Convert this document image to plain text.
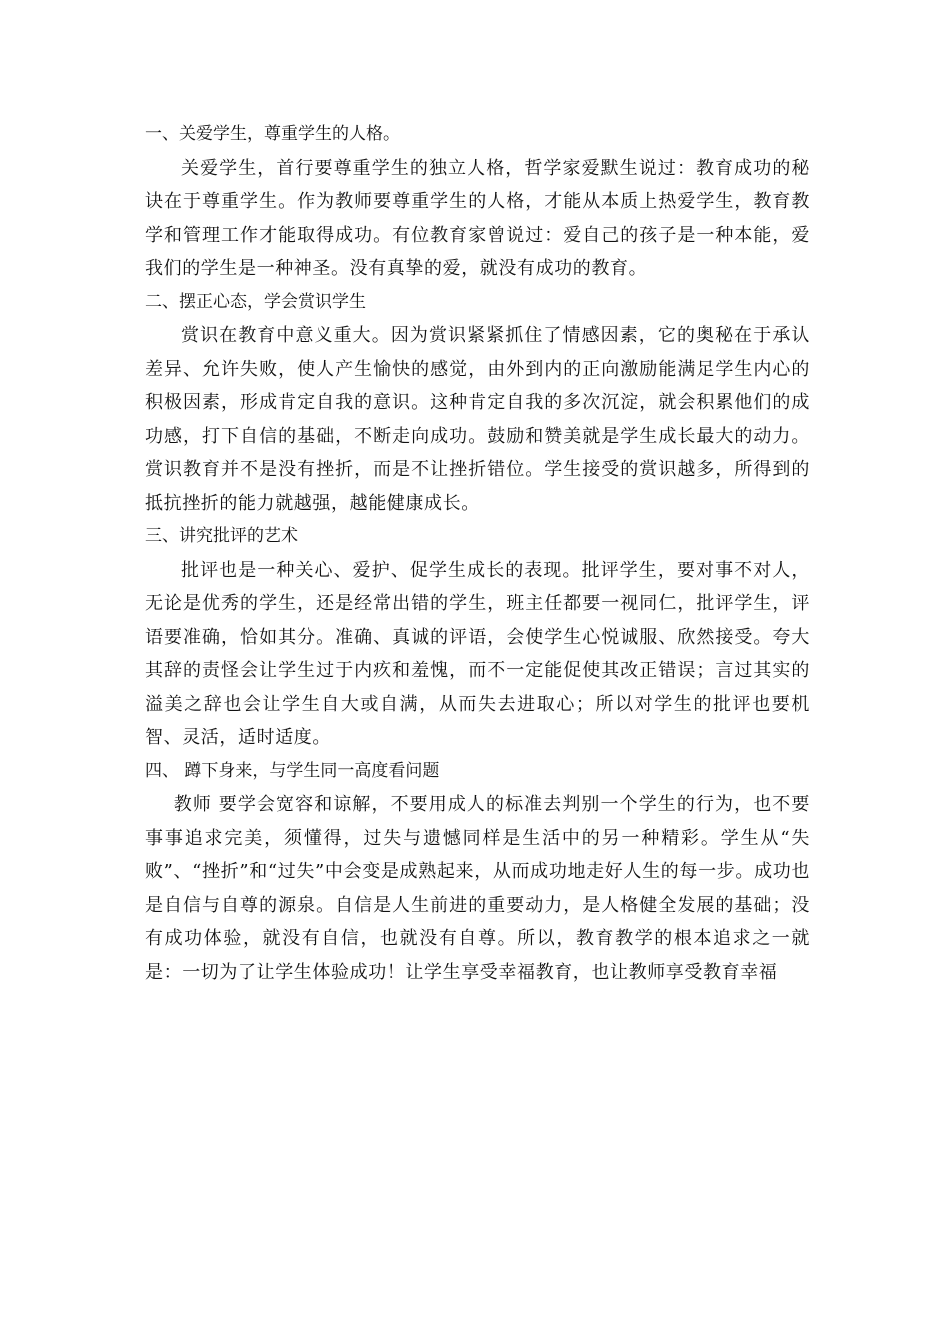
一、关爱学生，尊重学生的人格。

关爱学生，首行要尊重学生的独立人格，哲学家爱默生说过：教育成功的秘诀在于尊重学生。作为教师要尊重学生的人格，才能从本质上热爱学生，教育教学和管理工作才能取得成功。有位教育家曾说过：爱自己的孩子是一种本能，爱我们的学生是一种神圣。没有真挚的爱，就没有成功的教育。

二、摆正心态，学会赏识学生

赏识在教育中意义重大。因为赏识紧紧抓住了情感因素，它的奥秘在于承认差异、允许失败，使人产生愉快的感觉，由外到内的正向激励能满足学生内心的积极因素，形成肯定自我的意识。这种肯定自我的多次沉淀，就会积累他们的成功感，打下自信的基础，不断走向成功。鼓励和赞美就是学生成长最大的动力。赏识教育并不是没有挫折，而是不让挫折错位。学生接受的赏识越多，所得到的抵抗挫折的能力就越强，越能健康成长。

三、讲究批评的艺术

批评也是一种关心、爱护、促学生成长的表现。批评学生，要对事不对人，无论是优秀的学生，还是经常出错的学生，班主任都要一视同仁，批评学生，评语要准确，恰如其分。准确、真诚的评语，会使学生心悦诚服、欣然接受。夸大其辞的责怪会让学生过于内疚和羞愧，而不一定能促使其改正错误；言过其实的溢美之辞也会让学生自大或自满，从而失去进取心；所以对学生的批评也要机智、灵活，适时适度。

四、 蹲下身来，与学生同一高度看问题

教师 要学会宽容和谅解，不要用成人的标准去判别一个学生的行为，也不要事事追求完美，须懂得，过失与遗憾同样是生活中的另一种精彩。学生从“失败”、“挫折”和“过失”中会变是成熟起来，从而成功地走好人生的每一步。成功也是自信与自尊的源泉。自信是人生前进的重要动力，是人格健全发展的基础；没有成功体验，就没有自信，也就没有自尊。所以，教育教学的根本追求之一就是：一切为了让学生体验成功！让学生享受幸福教育，也让教师享受教育幸福
